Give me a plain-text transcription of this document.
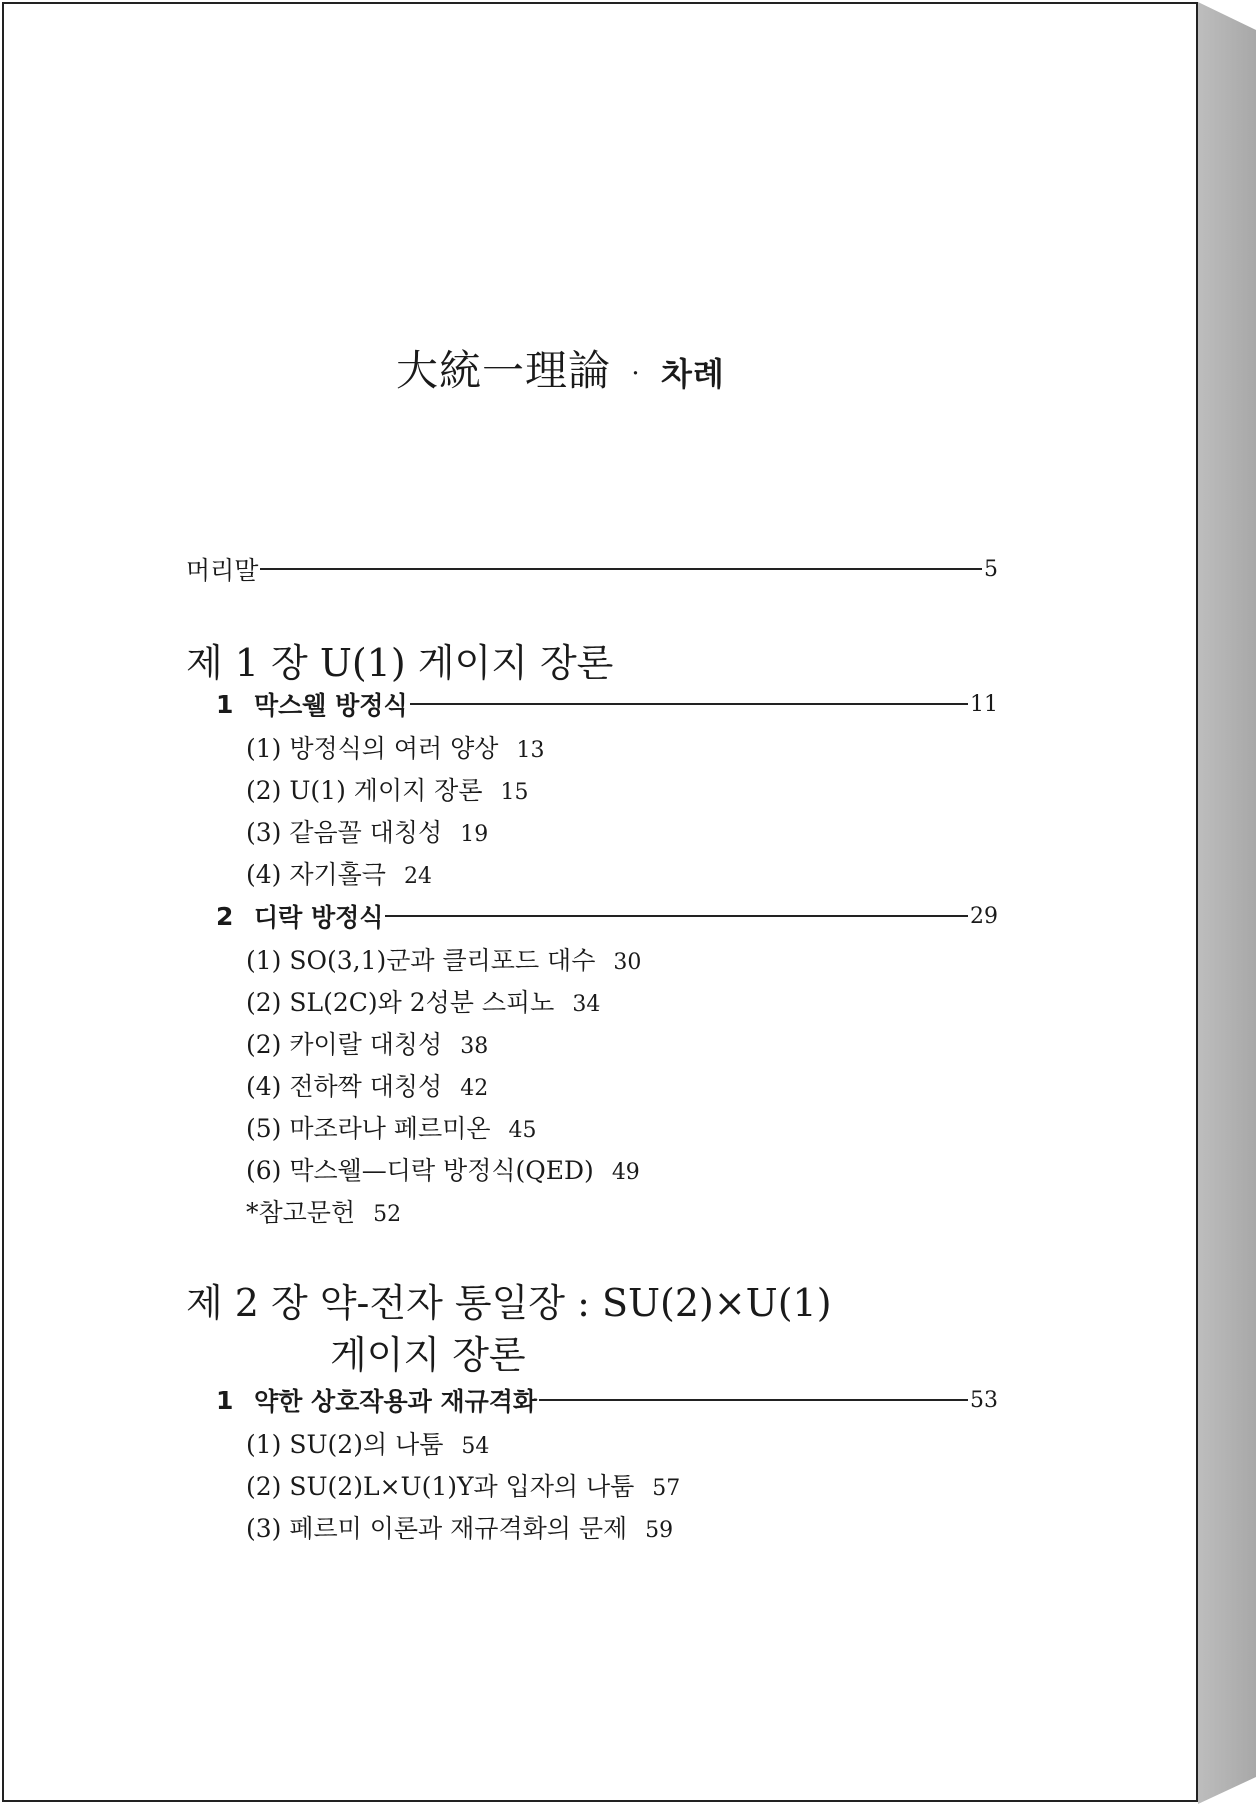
大統一理論 · 차례
머리말	5
제 1 장 U(1) 게이지 장론
1 막스웰 방정식	11
(1) 방정식의 여러 양상 13
(2) U(1) 게이지 장론 15
(3) 같음꼴 대칭성 19
(4) 자기홀극 24
2 디락 방정식	29
(1) SO(3,1)군과 클리포드 대수 30
(2) SL(2C)와 2성분 스피노 34
(2) 카이랄 대칭성 38
(4) 전하짝 대칭성 42
(5) 마조라나 페르미온 45
(6) 막스웰—디락 방정식(QED) 49
*참고문헌 52
제 2 장 약-전자 통일장 : SU(2)×U(1)
게이지 장론
1 약한 상호작용과 재규격화	53
(1) SU(2)의 나툼 54
(2) SU(2)L×U(1)Y과 입자의 나툼 57
(3) 페르미 이론과 재규격화의 문제 59
